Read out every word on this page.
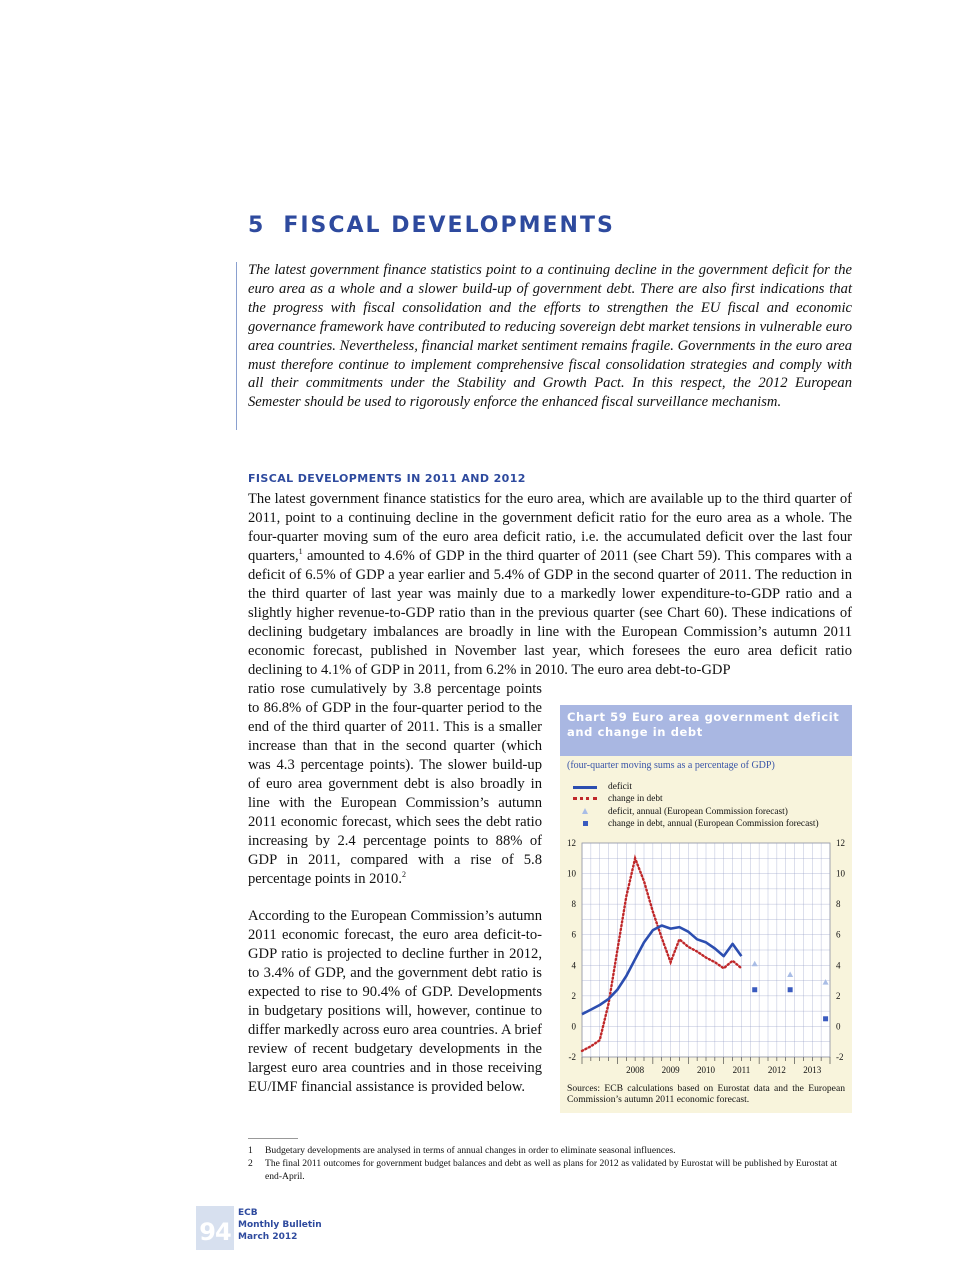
5 FISCAL DEVELOPMENTS

The latest government finance statistics point to a continuing decline in the government deficit for the euro area as a whole and a slower build-up of government debt. There are also first indications that the progress with fiscal consolidation and the efforts to strengthen the EU fiscal and economic governance framework have contributed to reducing sovereign debt market tensions in vulnerable euro area countries. Nevertheless, financial market sentiment remains fragile. Governments in the euro area must therefore continue to implement comprehensive fiscal consolidation strategies and comply with all their commitments under the Stability and Growth Pact. In this respect, the 2012 European Semester should be used to rigorously enforce the enhanced fiscal surveillance mechanism.

FISCAL DEVELOPMENTS IN 2011 AND 2012

The latest government finance statistics for the euro area, which are available up to the third quarter of 2011, point to a continuing decline in the government deficit ratio for the euro area as a whole. The four-quarter moving sum of the euro area deficit ratio, i.e. the accumulated deficit over the last four quarters,$^1$ amounted to 4.6% of GDP in the third quarter of 2011 (see Chart 59). This compares with a deficit of 6.5% of GDP a year earlier and 5.4% of GDP in the second quarter of 2011. The reduction in the third quarter of last year was mainly due to a markedly lower expenditure-to-GDP ratio and a slightly higher revenue-to-GDP ratio than in the previous quarter (see Chart 60). These indications of declining budgetary imbalances are broadly in line with the European Commission’s autumn 2011 economic forecast, published in November last year, which foresees the euro area deficit ratio declining to 4.1% of GDP in 2011, from 6.2% in 2010. The euro area debt-to-GDP

ratio rose cumulatively by 3.8 percentage points to 86.8% of GDP in the four-quarter period to the end of the third quarter of 2011. This is a smaller increase than that in the second quarter (which was 4.3 percentage points). The slower build-up of euro area government debt is also broadly in line with the European Commission’s autumn 2011 economic forecast, which sees the debt ratio increasing by 2.4 percentage points to 88% of GDP in 2011, compared with a rise of 5.8 percentage points in 2010.$^2$

According to the European Commission’s autumn 2011 economic forecast, the euro area deficit-to-GDP ratio is projected to decline further in 2012, to 3.4% of GDP, and the government debt ratio is expected to rise to 90.4% of GDP. Developments in budgetary positions will, however, continue to differ markedly across euro area countries. A brief review of recent budgetary developments in the largest euro area countries and in those receiving EU/IMF financial assistance is provided below.

Chart 59 Euro area government deficit and change in debt
(four-quarter moving sums as a percentage of GDP)
deficit
change in debt
deficit, annual (European Commission forecast)
change in debt, annual (European Commission forecast)
-2	-2
0	0
2	2
4	4
6	6
8	8
10	10
12	12
2008 2009 2010 2011 2012 2013
Sources: ECB calculations based on Eurostat data and the European Commission’s autumn 2011 economic forecast.
1	Budgetary developments are analysed in terms of annual changes in order to eliminate seasonal influences.
2	The final 2011 outcomes for government budget balances and debt as well as plans for 2012 as validated by Eurostat will be published by Eurostat at end-April.
94
ECB
Monthly Bulletin
March 2012
